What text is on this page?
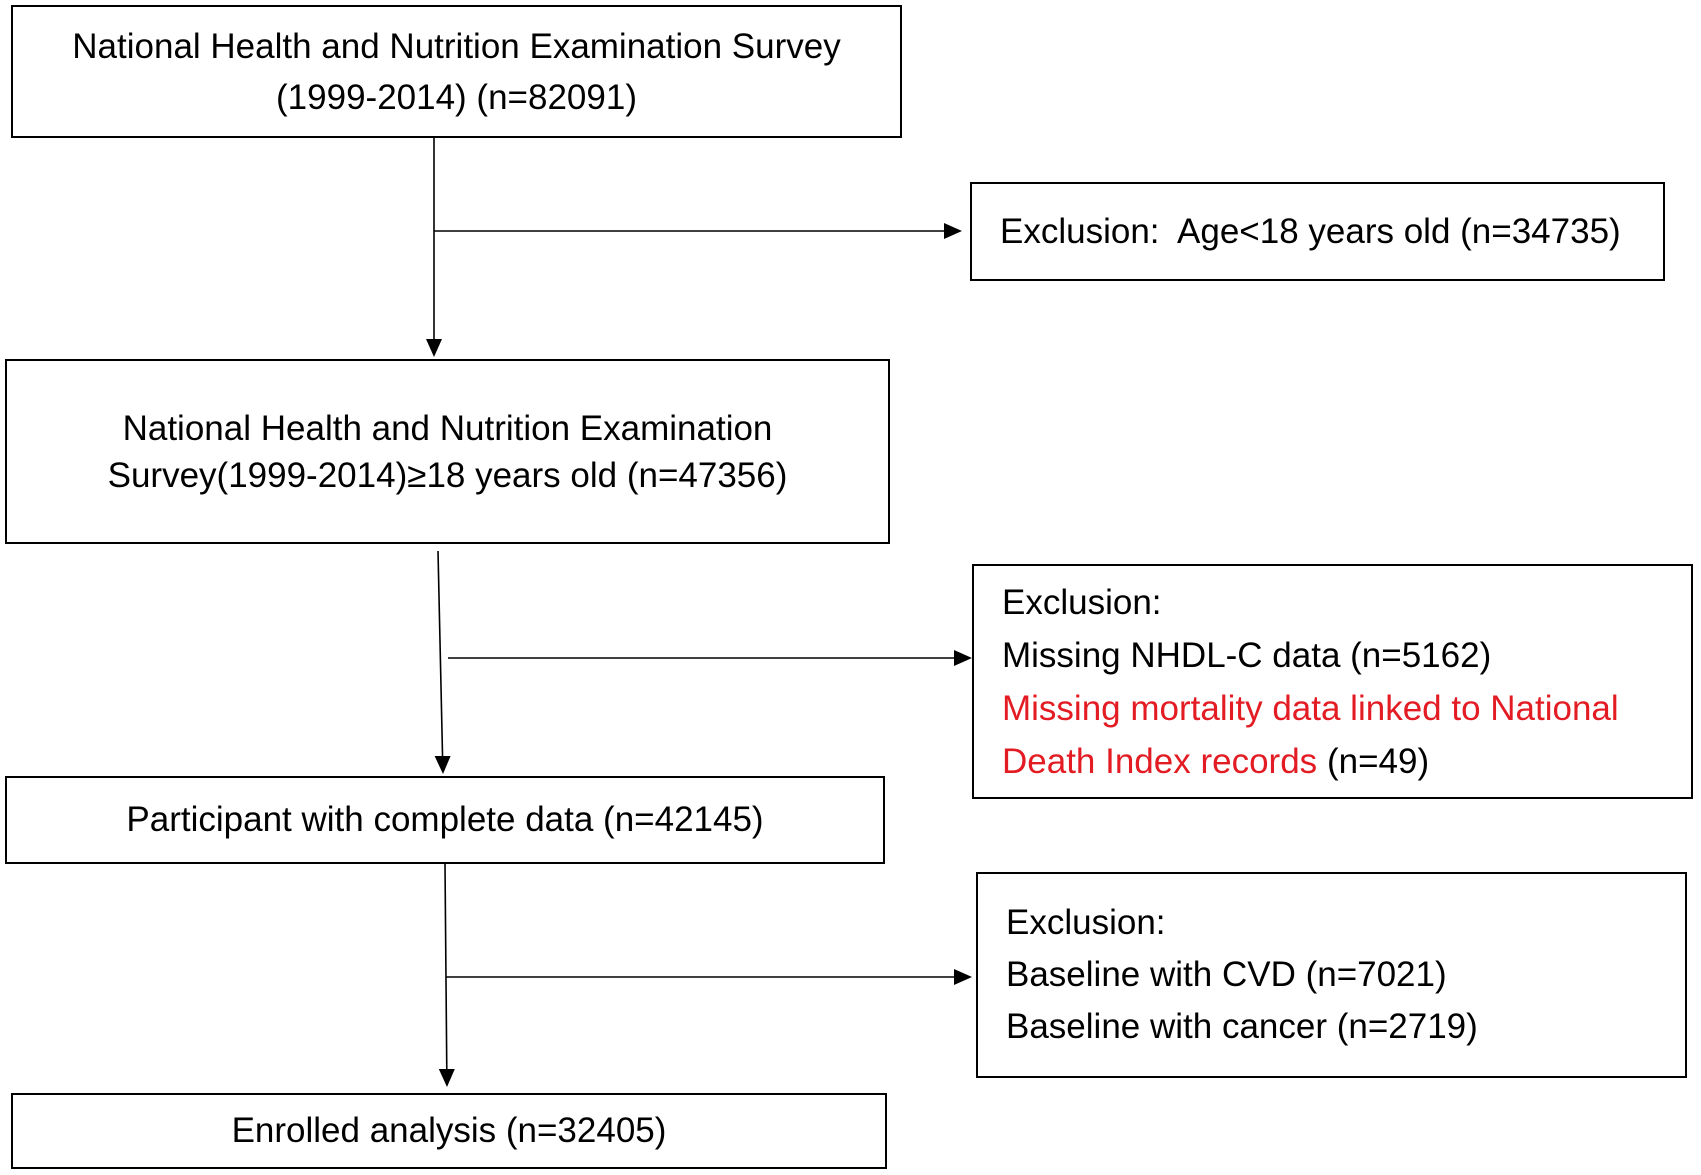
National Health and Nutrition Examination Survey
(1999-2014) (n=82091)
Exclusion:  Age<18 years old (n=34735)
National Health and Nutrition Examination
Survey(1999-2014)≥18 years old (n=47356)
Exclusion:
Missing NHDL-C data (n=5162)
Missing mortality data linked to National
Death Index records (n=49)
Participant with complete data (n=42145)
Exclusion:
Baseline with CVD (n=7021)
Baseline with cancer (n=2719)
Enrolled analysis (n=32405)
